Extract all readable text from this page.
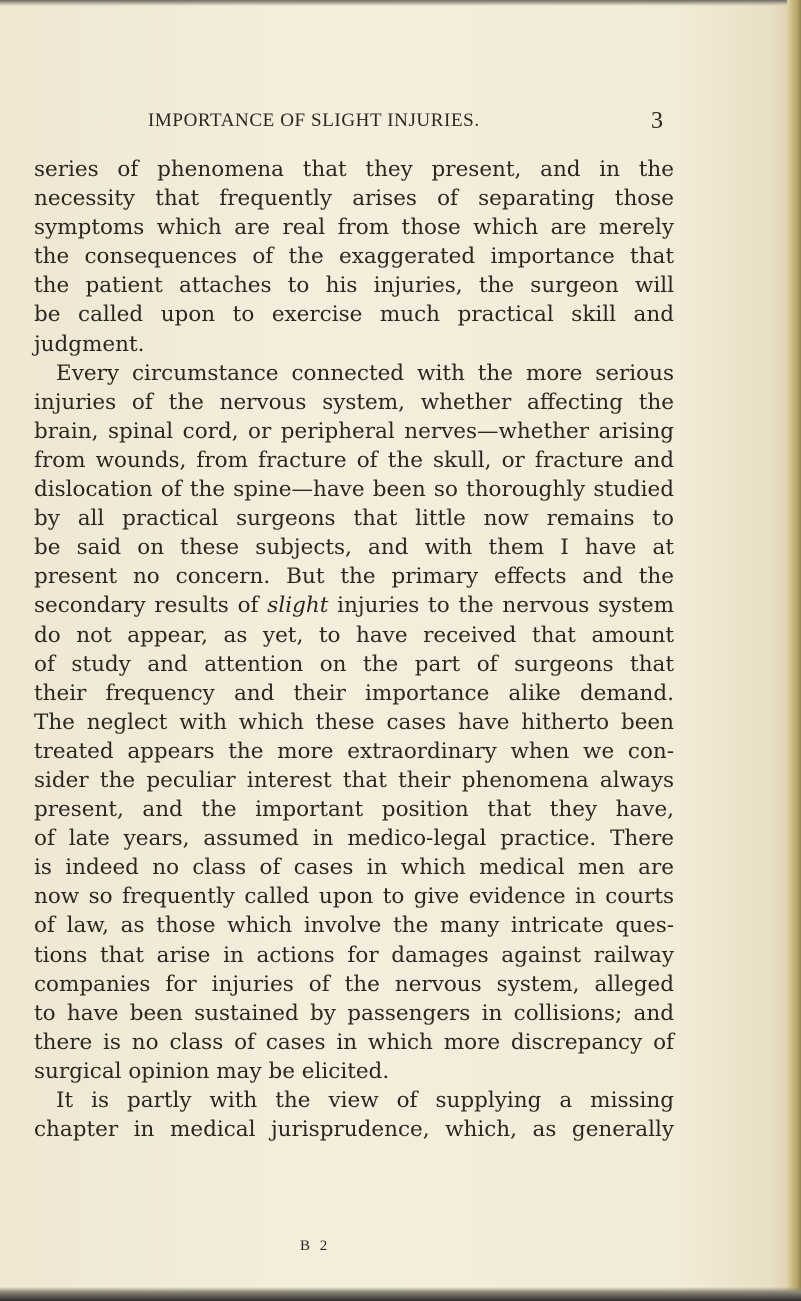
IMPORTANCE OF SLIGHT INJURIES.	3
series of phenomena that they present, and in the
necessity that frequently arises of separating those
symptoms which are real from those which are merely
the consequences of the exaggerated importance that
the patient attaches to his injuries, the surgeon will
be called upon to exercise much practical skill and
judgment.
Every circumstance connected with the more serious
injuries of the nervous system, whether affecting the
brain, spinal cord, or peripheral nerves—whether arising
from wounds, from fracture of the skull, or fracture and
dislocation of the spine—have been so thoroughly studied
by all practical surgeons that little now remains to
be said on these subjects, and with them I have at
present no concern. But the primary effects and the
secondary results of slight injuries to the nervous system
do not appear, as yet, to have received that amount
of study and attention on the part of surgeons that
their frequency and their importance alike demand.
The neglect with which these cases have hitherto been
treated appears the more extraordinary when we con-
sider the peculiar interest that their phenomena always
present, and the important position that they have,
of late years, assumed in medico-legal practice. There
is indeed no class of cases in which medical men are
now so frequently called upon to give evidence in courts
of law, as those which involve the many intricate ques-
tions that arise in actions for damages against railway
companies for injuries of the nervous system, alleged
to have been sustained by passengers in collisions; and
there is no class of cases in which more discrepancy of
surgical opinion may be elicited.
It is partly with the view of supplying a missing
chapter in medical jurisprudence, which, as generally
B 2
